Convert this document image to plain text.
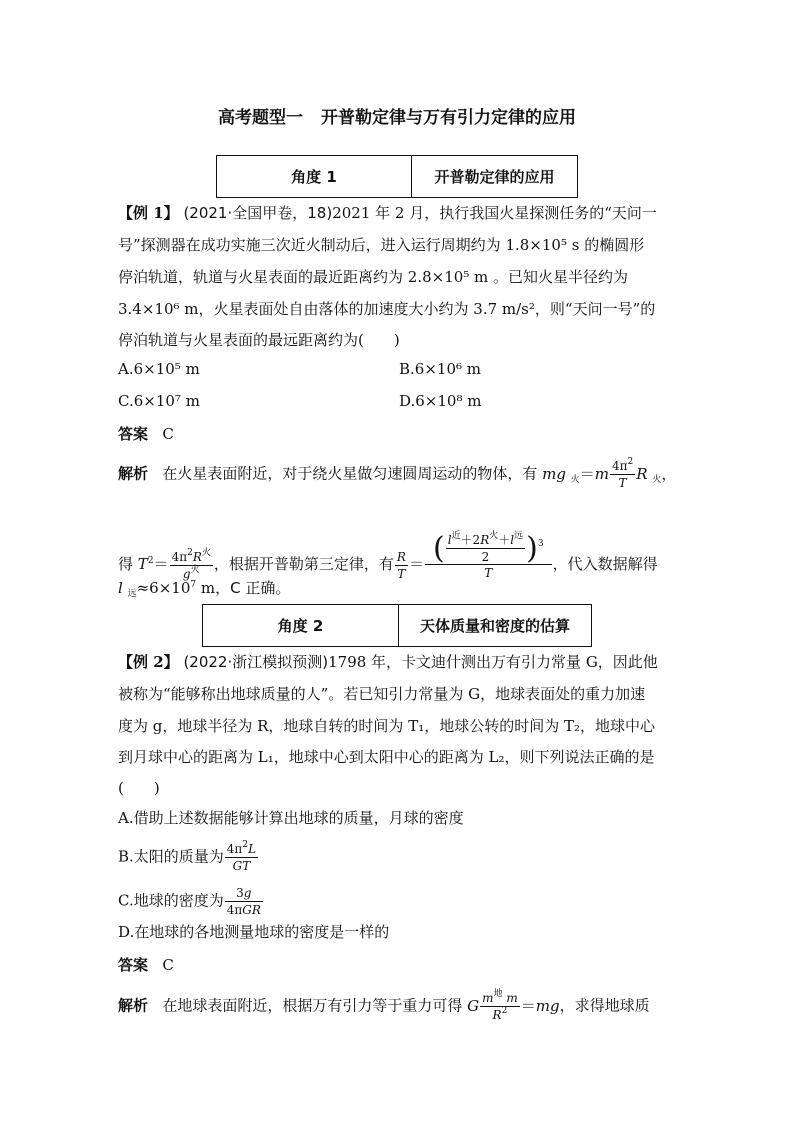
高考题型一 开普勒定律与万有引力定律的应用
角度 1	开普勒定律的应用
【例 1】 (2021·全国甲卷，18)2021 年 2 月，执行我国火星探测任务的“天问一
号”探测器在成功实施三次近火制动后，进入运行周期约为 1.8×10⁵ s 的椭圆形
停泊轨道，轨道与火星表面的最近距离约为 2.8×10⁵ m 。已知火星半径约为
3.4×10⁶ m，火星表面处自由落体的加速度大小约为 3.7 m/s²，则“天问一号”的
停泊轨道与火星表面的最远距离约为(　　)
A.6×10⁵ m	B.6×10⁶ m
C.6×10⁷ m	D.6×10⁸ m
答案 C
解析 在火星表面附近，对于绕火星做匀速圆周运动的物体，有 mg $_火=m \frac{4\pi^2}{T}$ R $_火$，
得 $T^2= \frac{4\pi^2R^火}{g^火}$ ，根据开普勒第三定律，有 $\frac{R}{T} = \frac{( \frac{l^近+2R^火+l^远}{2} )^3}{T}$ ，代入数据解得
l $_远\approx 6\times 10^7$ m，C 正确。
角度 2	天体质量和密度的估算
【例 2】 (2022·浙江模拟预测)1798 年，卡文迪什测出万有引力常量 G，因此他
被称为“能够称出地球质量的人”。若已知引力常量为 G，地球表面处的重力加速
度为 g，地球半径为 R，地球自转的时间为 T₁，地球公转的时间为 T₂，地球中心
到月球中心的距离为 L₁，地球中心到太阳中心的距离为 L₂，则下列说法正确的是
(　　)
A.借助上述数据能够计算出地球的质量，月球的密度
B.太阳的质量为 $\frac{4\pi^2L}{GT}$
C.地球的密度为 $\frac{3g}{\text{4πGR}}$
D.在地球的各地测量地球的密度是一样的
答案 C
解析 在地球表面附近，根据万有引力等于重力可得 G $\frac{m^地 m}{R^2} =mg$，求得地球质
